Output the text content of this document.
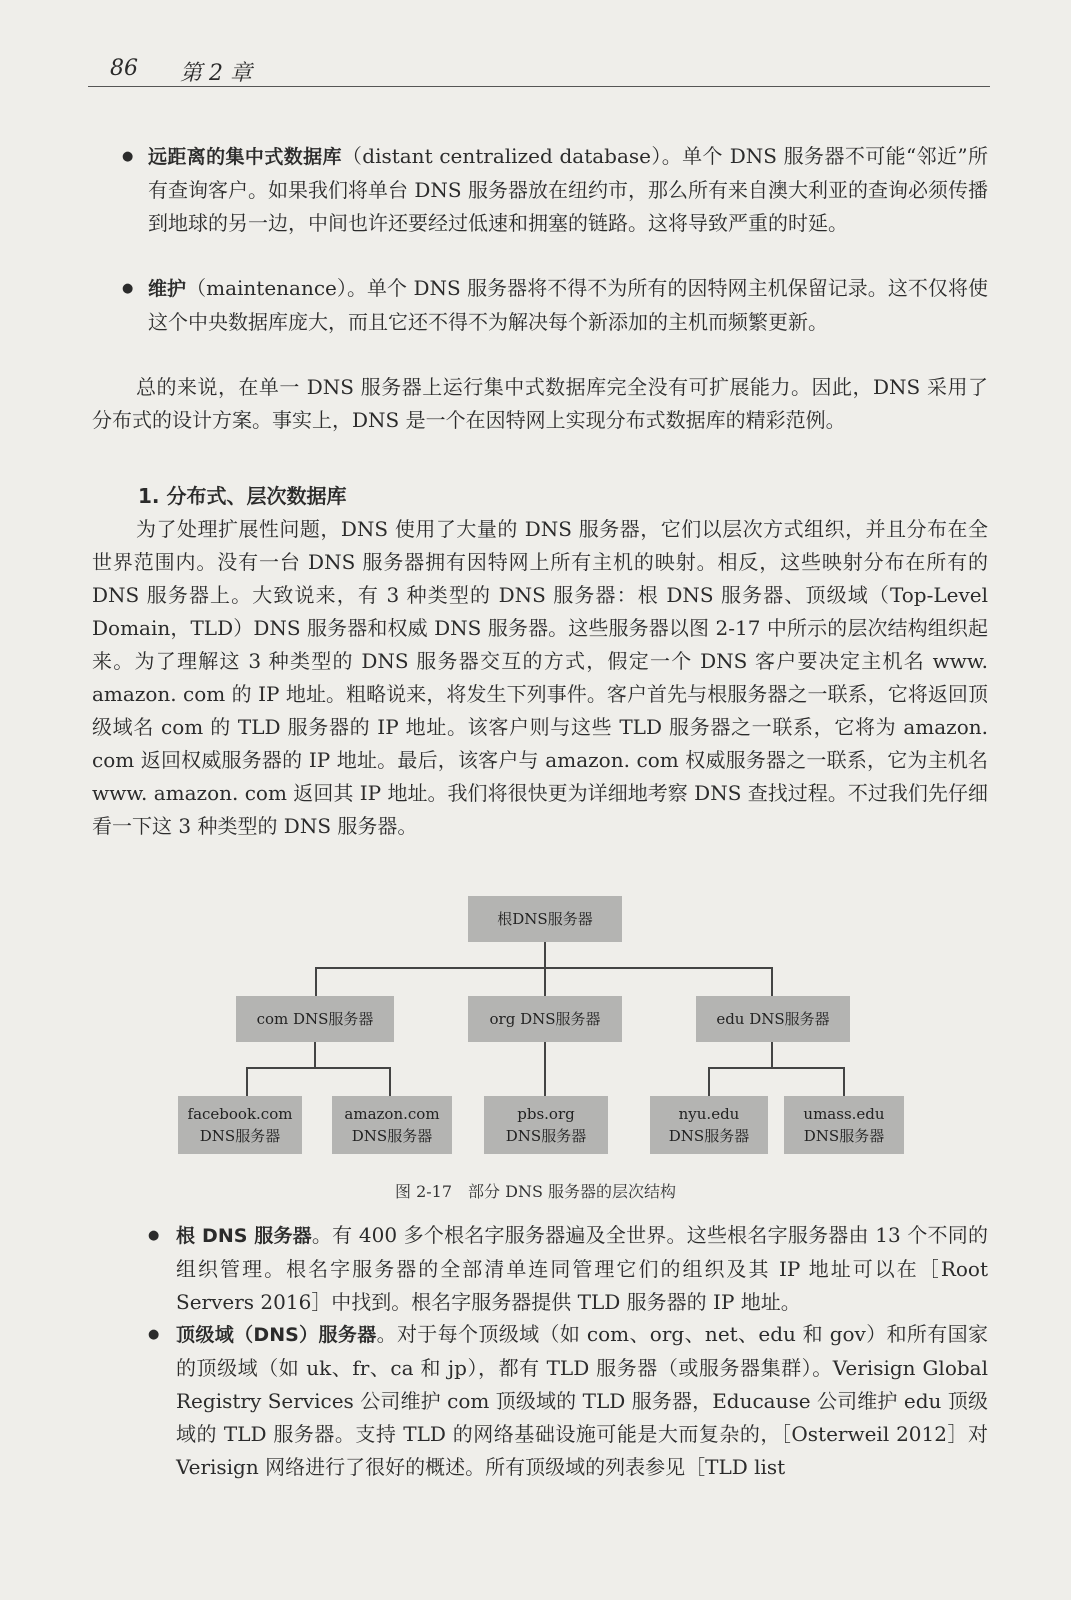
86 第 2 章

● 远距离的集中式数据库（distant centralized database）。单个 DNS 服务器不可能“邻近”所有查询客户。如果我们将单台 DNS 服务器放在纽约市，那么所有来自澳大利亚的查询必须传播到地球的另一边，中间也许还要经过低速和拥塞的链路。这将导致严重的时延。

● 维护（maintenance）。单个 DNS 服务器将不得不为所有的因特网主机保留记录。这不仅将使这个中央数据库庞大，而且它还不得不为解决每个新添加的主机而频繁更新。

总的来说，在单一 DNS 服务器上运行集中式数据库完全没有可扩展能力。因此，DNS 采用了分布式的设计方案。事实上，DNS 是一个在因特网上实现分布式数据库的精彩范例。

1. 分布式、层次数据库

为了处理扩展性问题，DNS 使用了大量的 DNS 服务器，它们以层次方式组织，并且分布在全世界范围内。没有一台 DNS 服务器拥有因特网上所有主机的映射。相反，这些映射分布在所有的 DNS 服务器上。大致说来，有 3 种类型的 DNS 服务器：根 DNS 服务器、顶级域（Top-Level Domain，TLD）DNS 服务器和权威 DNS 服务器。这些服务器以图 2-17 中所示的层次结构组织起来。为了理解这 3 种类型的 DNS 服务器交互的方式，假定一个 DNS 客户要决定主机名 www. amazon. com 的 IP 地址。粗略说来，将发生下列事件。客户首先与根服务器之一联系，它将返回顶级域名 com 的 TLD 服务器的 IP 地址。该客户则与这些 TLD 服务器之一联系，它将为 amazon. com 返回权威服务器的 IP 地址。最后，该客户与 amazon. com 权威服务器之一联系，它为主机名 www. amazon. com 返回其 IP 地址。我们将很快更为详细地考察 DNS 查找过程。不过我们先仔细看一下这 3 种类型的 DNS 服务器。

根DNS服务器
com DNS服务器	org DNS服务器	edu DNS服务器
facebook.com
DNS服务器
amazon.com
DNS服务器
pbs.org
DNS服务器
nyu.edu
DNS服务器
umass.edu
DNS服务器
图 2-17　部分 DNS 服务器的层次结构

● 根 DNS 服务器。有 400 多个根名字服务器遍及全世界。这些根名字服务器由 13 个不同的组织管理。根名字服务器的全部清单连同管理它们的组织及其 IP 地址可以在［Root Servers 2016］中找到。根名字服务器提供 TLD 服务器的 IP 地址。

● 顶级域（DNS）服务器。对于每个顶级域（如 com、org、net、edu 和 gov）和所有国家的顶级域（如 uk、fr、ca 和 jp），都有 TLD 服务器（或服务器集群）。Verisign Global Registry Services 公司维护 com 顶级域的 TLD 服务器，Educause 公司维护 edu 顶级域的 TLD 服务器。支持 TLD 的网络基础设施可能是大而复杂的，［Osterweil 2012］对 Verisign 网络进行了很好的概述。所有顶级域的列表参见［TLD list
